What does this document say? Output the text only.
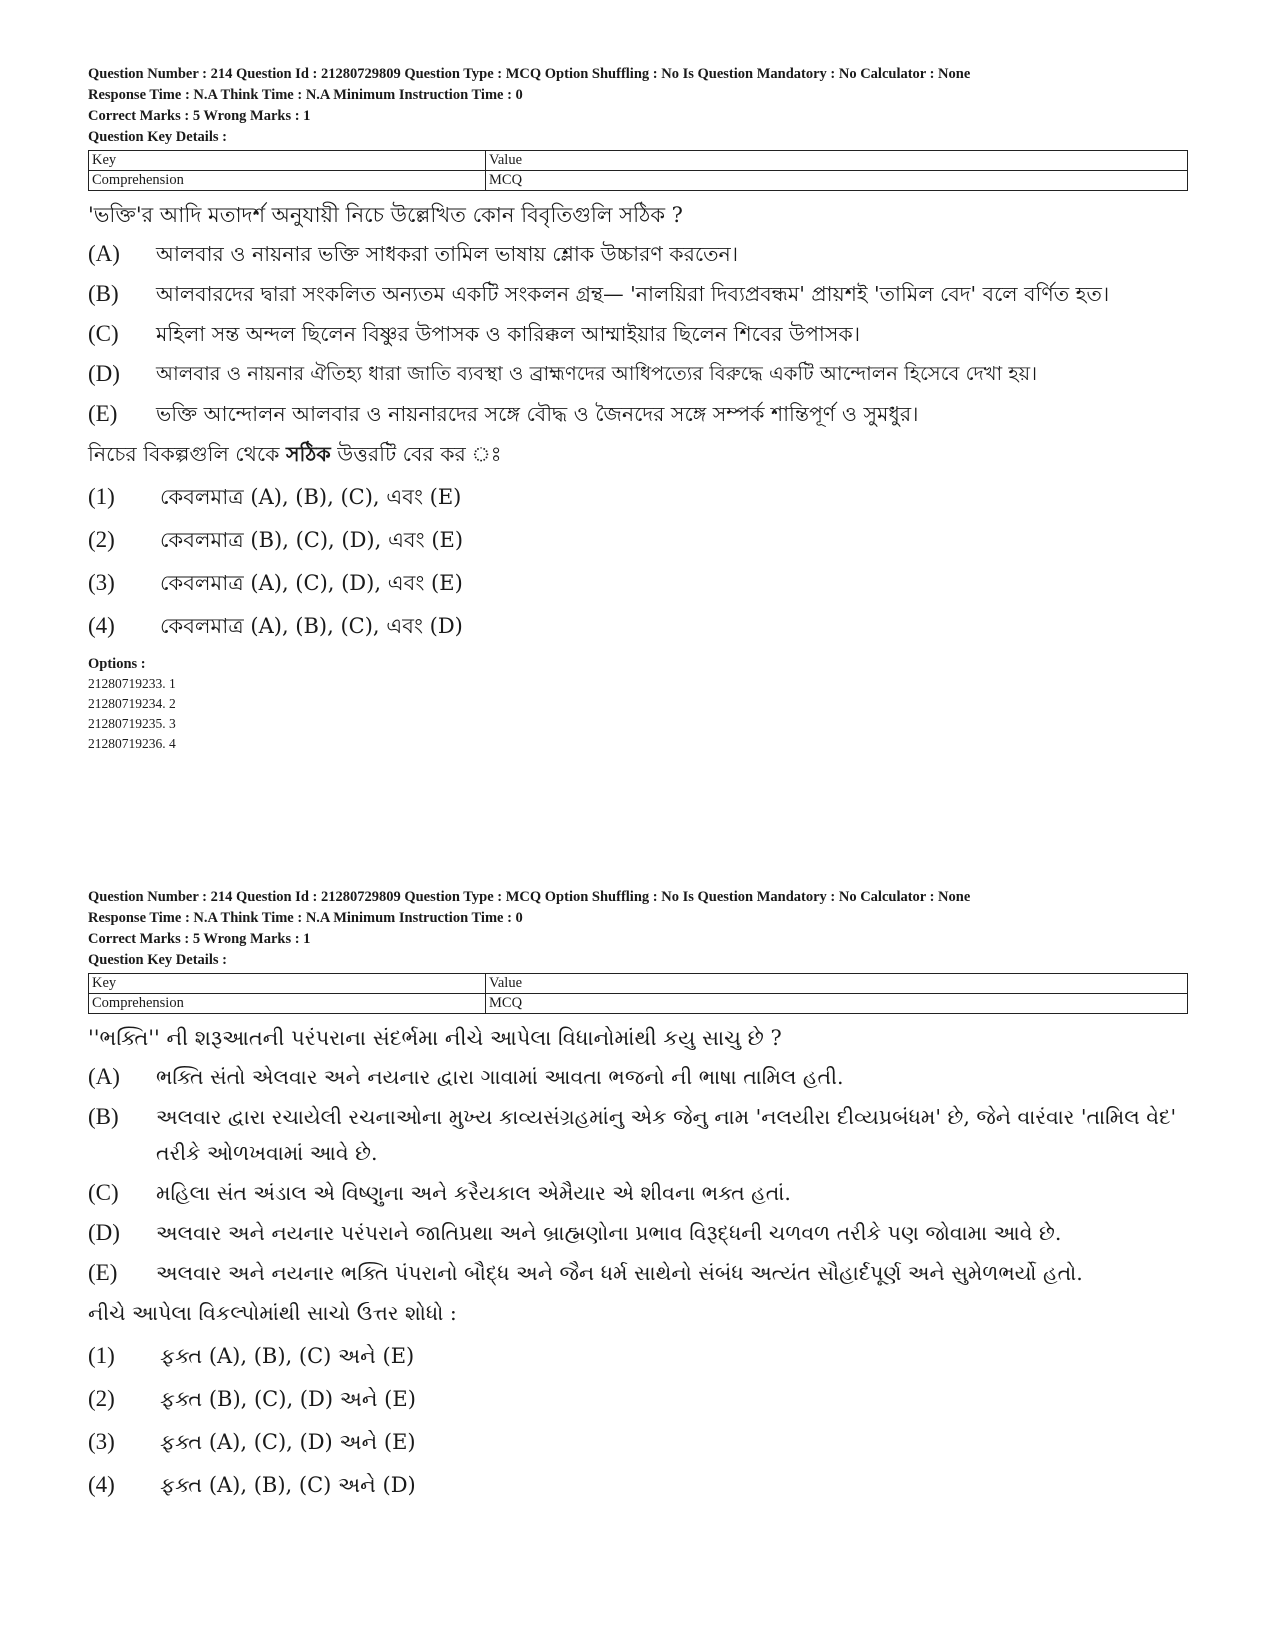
Question Number : 214 Question Id : 21280729809 Question Type : MCQ Option Shuffling : No Is Question Mandatory : No Calculator : None
Response Time : N.A Think Time : N.A Minimum Instruction Time : 0
Correct Marks : 5 Wrong Marks : 1
Question Key Details :
Key	Value
Comprehension	MCQ
'ভক্তি'র আদি মতাদর্শ অনুযায়ী নিচে উল্লেখিত কোন বিবৃতিগুলি সঠিক ?
(A)	আলবার ও নায়নার ভক্তি সাধকরা তামিল ভাষায় শ্লোক উচ্চারণ করতেন।
(B)	আলবারদের দ্বারা সংকলিত অন্যতম একটি সংকলন গ্রন্থ— 'নালয়িরা দিব্যপ্রবন্ধম' প্রায়শই 'তামিল বেদ' বলে বর্ণিত হত।
(C)	মহিলা সন্ত অন্দল ছিলেন বিষ্ণুর উপাসক ও কারিক্কল আম্মাইয়ার ছিলেন শিবের উপাসক।
(D)	আলবার ও নায়নার ঐতিহ্য ধারা জাতি ব্যবস্থা ও ব্রাহ্মণদের আধিপত্যের বিরুদ্ধে একটি আন্দোলন হিসেবে দেখা হয়।
(E)	ভক্তি আন্দোলন আলবার ও নায়নারদের সঙ্গে বৌদ্ধ ও জৈনদের সঙ্গে সম্পর্ক শান্তিপূর্ণ ও সুমধুর।
নিচের বিকল্পগুলি থেকে সঠিক উত্তরটি বের কর ঃ
(1)	কেবলমাত্র (A), (B), (C), এবং (E)
(2)	কেবলমাত্র (B), (C), (D), এবং (E)
(3)	কেবলমাত্র (A), (C), (D), এবং (E)
(4)	কেবলমাত্র (A), (B), (C), এবং (D)
Options :
21280719233. 1
21280719234. 2
21280719235. 3
21280719236. 4
Question Number : 214 Question Id : 21280729809 Question Type : MCQ Option Shuffling : No Is Question Mandatory : No Calculator : None
Response Time : N.A Think Time : N.A Minimum Instruction Time : 0
Correct Marks : 5 Wrong Marks : 1
Question Key Details :
Key	Value
Comprehension	MCQ
''ભક્તિ'' ની શરૂઆતની પરંપરાના સંદર્ભમા નીચે આપેલા વિધાનોમાંથી કયુ સાચુ છે ?
(A)	ભક્તિ સંતો એલવાર અને નયનાર દ્વારા ગાવામાં આવતા ભજનો ની ભાષા તામિલ હતી.
(B)	અલવાર દ્વારા રચાયેલી રચનાઓના મુખ્ય કાવ્યસંગ્રહમાંનુ એક જેનુ નામ 'નલયીરા દીવ્યપ્રબંધમ' છે, જેને વારંવાર 'તામિલ વેદ' તરીકે ઓળખવામાં આવે છે.
(C)	મહિલા સંત અંડાલ એ વિષ્ણુના અને કરૈયકાલ એમૈયાર એ શીવના ભક્ત હતાં.
(D)	અલવાર અને નયનાર પરંપરાને જાતિપ્રથા અને બ્રાહ્મણોના પ્રભાવ વિરૂદ્ધની ચળવળ તરીકે પણ જોવામા આવે છે.
(E)	અલવાર અને નયનાર ભક્તિ પંપરાનો બૌદ્ધ અને જૈન ધર્મ સાથેનો સંબંધ અત્યંત સૌહાર્દપૂર્ણ અને સુમેળભર્યો હતો.
નીચે આપેલા વિકલ્પોમાંથી સાચો ઉત્તર શોધો :
(1)	ફક્ત (A), (B), (C) અને (E)
(2)	ફક્ત (B), (C), (D) અને (E)
(3)	ફક્ત (A), (C), (D) અને (E)
(4)	ફક્ત (A), (B), (C) અને (D)
